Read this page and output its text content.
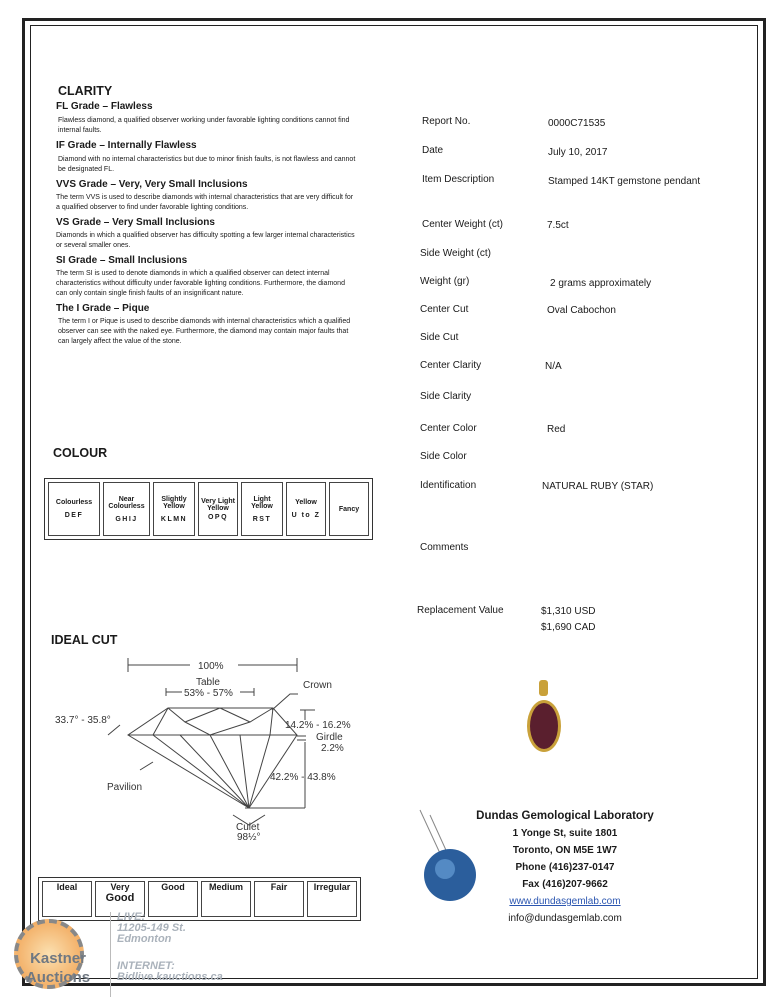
CLARITY
FL Grade – Flawless
Flawless diamond, a qualified observer working under favorable lighting conditions cannot find internal faults.
IF Grade – Internally Flawless
Diamond with no internal characteristics but due to minor finish faults, is not flawless and cannot be designated FL.
VVS Grade – Very, Very Small Inclusions
The term VVS is used to describe diamonds with internal characteristics that are very difficult for a qualified observer to find under favorable lighting conditions.
VS Grade – Very Small Inclusions
Diamonds in which a qualified observer has difficulty spotting a few larger internal characteristics or several smaller ones.
SI Grade – Small Inclusions
The term SI is used to denote diamonds in which a qualified observer can detect internal characteristics without difficulty under favorable lighting conditions. Furthermore, the diamond can only contain single finish faults of an insignificant nature.
The I Grade – Pique
The term I or Pique is used to describe diamonds with internal characteristics which a qualified observer can see with the naked eye. Furthermore, the diamond may contain major faults that can largely affect the value of the stone.
COLOUR
Colourless
DEF
	Near Colourless
GHIJ
	Slightly Yellow
KLMN
	Very Light Yellow
OPQ
	Light Yellow
RST
	Yellow
U to Z
	Fancy
IDEAL CUT
100%
Table
53% - 57%
Crown
33.7° - 35.8°	14.2% - 16.2%
Girdle
2.2%
42.2% - 43.8%
Pavilion
Culet
98½°
Ideal	Very
Good	Good	Medium	Fair	Irregular
Report No.	0000C71535
Date	July 10, 2017
Item Description	Stamped 14KT gemstone pendant
Center Weight (ct)	7.5ct
Side Weight (ct)
Weight (gr)	2 grams approximately
Center Cut	Oval Cabochon
Side Cut
Center Clarity	N/A
Side Clarity
Center Color	Red
Side Color
Identification	NATURAL RUBY (STAR)
Comments
Replacement Value	$1,310 USD
$1,690 CAD
Dundas Gemological Laboratory
1 Yonge St, suite 1801
Toronto, ON M5E 1W7
Phone (416)237-0147
Fax (416)207-9662
www.dundasgemlab.com
info@dundasgemlab.com
Kastner Auctions
LIVE:
11205-149 St.
Edmonton
INTERNET:
Bidlive.kauctions.ca
